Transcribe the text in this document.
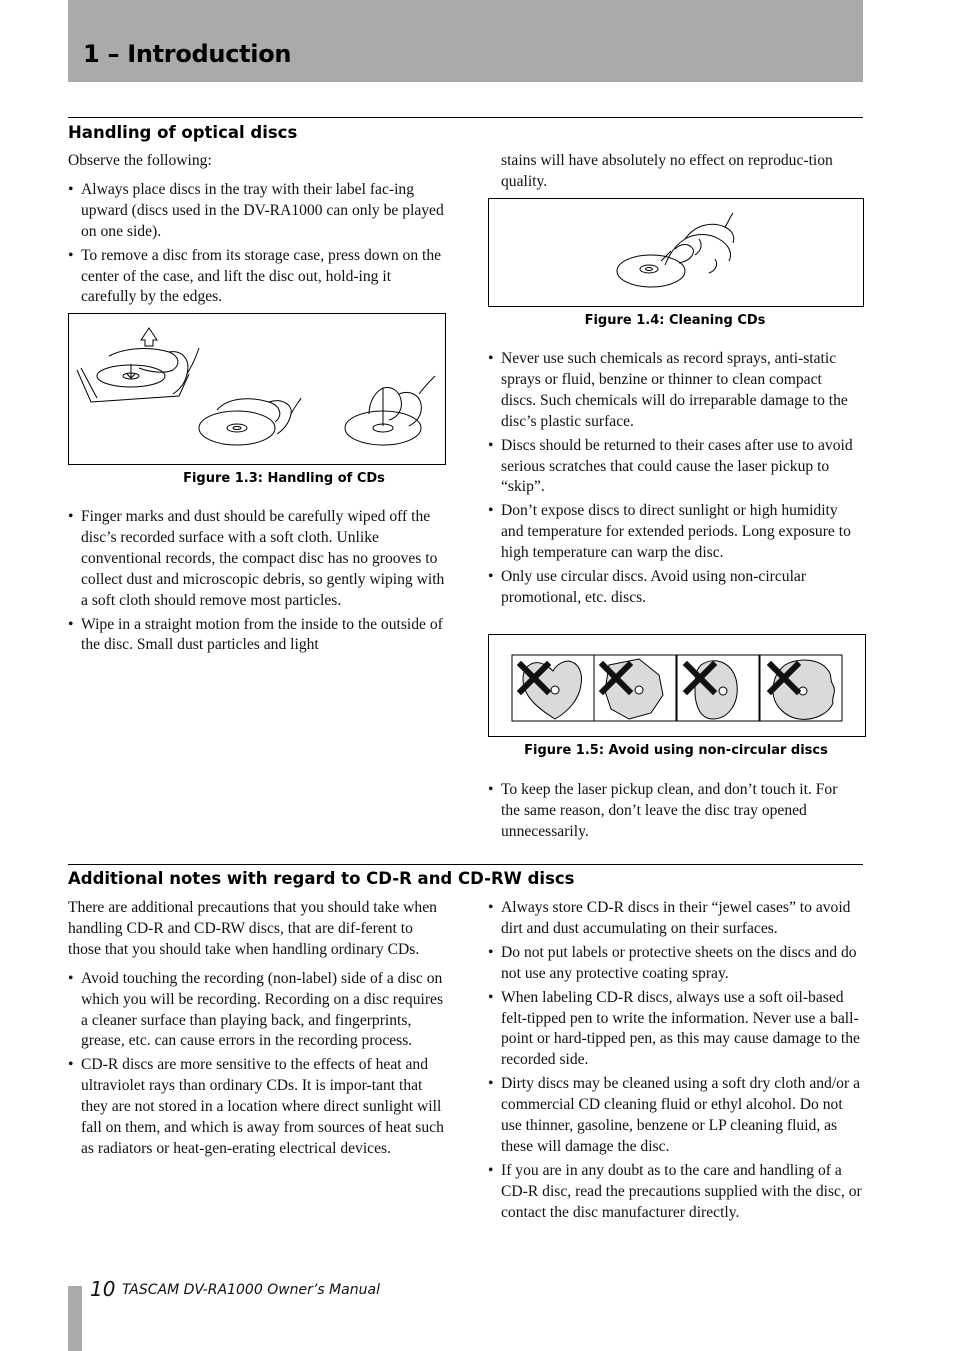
1 – Introduction
Handling of optical discs

Observe the following:

• Always place discs in the tray with their label fac-ing upward (discs used in the DV-RA1000 can only be played on one side).
• To remove a disc from its storage case, press down on the center of the case, and lift the disc out, hold-ing it carefully by the edges.
Figure 1.3: Handling of CDs
• Finger marks and dust should be carefully wiped off the disc’s recorded surface with a soft cloth. Unlike conventional records, the compact disc has no grooves to collect dust and microscopic debris, so gently wiping with a soft cloth should remove most particles.
• Wipe in a straight motion from the inside to the outside of the disc. Small dust particles and light

stains will have absolutely no effect on reproduc-tion quality.

Figure 1.4: Cleaning CDs
• Never use such chemicals as record sprays, anti-static sprays or fluid, benzine or thinner to clean compact discs. Such chemicals will do irreparable damage to the disc’s plastic surface.
• Discs should be returned to their cases after use to avoid serious scratches that could cause the laser pickup to “skip”.
• Don’t expose discs to direct sunlight or high humidity and temperature for extended periods. Long exposure to high temperature can warp the disc.
• Only use circular discs. Avoid using non-circular promotional, etc. discs.
Figure 1.5: Avoid using non-circular discs
• To keep the laser pickup clean, and don’t touch it. For the same reason, don’t leave the disc tray opened unnecessarily.
Additional notes with regard to CD-R and CD-RW discs

There are additional precautions that you should take when handling CD-R and CD-RW discs, that are dif-ferent to those that you should take when handling ordinary CDs.

• Avoid touching the recording (non-label) side of a disc on which you will be recording. Recording on a disc requires a cleaner surface than playing back, and fingerprints, grease, etc. can cause errors in the recording process.
• CD-R discs are more sensitive to the effects of heat and ultraviolet rays than ordinary CDs. It is impor-tant that they are not stored in a location where direct sunlight will fall on them, and which is away from sources of heat such as radiators or heat-gen-erating electrical devices.
• Always store CD-R discs in their “jewel cases” to avoid dirt and dust accumulating on their surfaces.
• Do not put labels or protective sheets on the discs and do not use any protective coating spray.
• When labeling CD-R discs, always use a soft oil-based felt-tipped pen to write the information. Never use a ball-point or hard-tipped pen, as this may cause damage to the recorded side.
• Dirty discs may be cleaned using a soft dry cloth and/or a commercial CD cleaning fluid or ethyl alcohol. Do not use thinner, gasoline, benzene or LP cleaning fluid, as these will damage the disc.
• If you are in any doubt as to the care and handling of a CD-R disc, read the precautions supplied with the disc, or contact the disc manufacturer directly.
10 TASCAM DV-RA1000 Owner’s Manual
